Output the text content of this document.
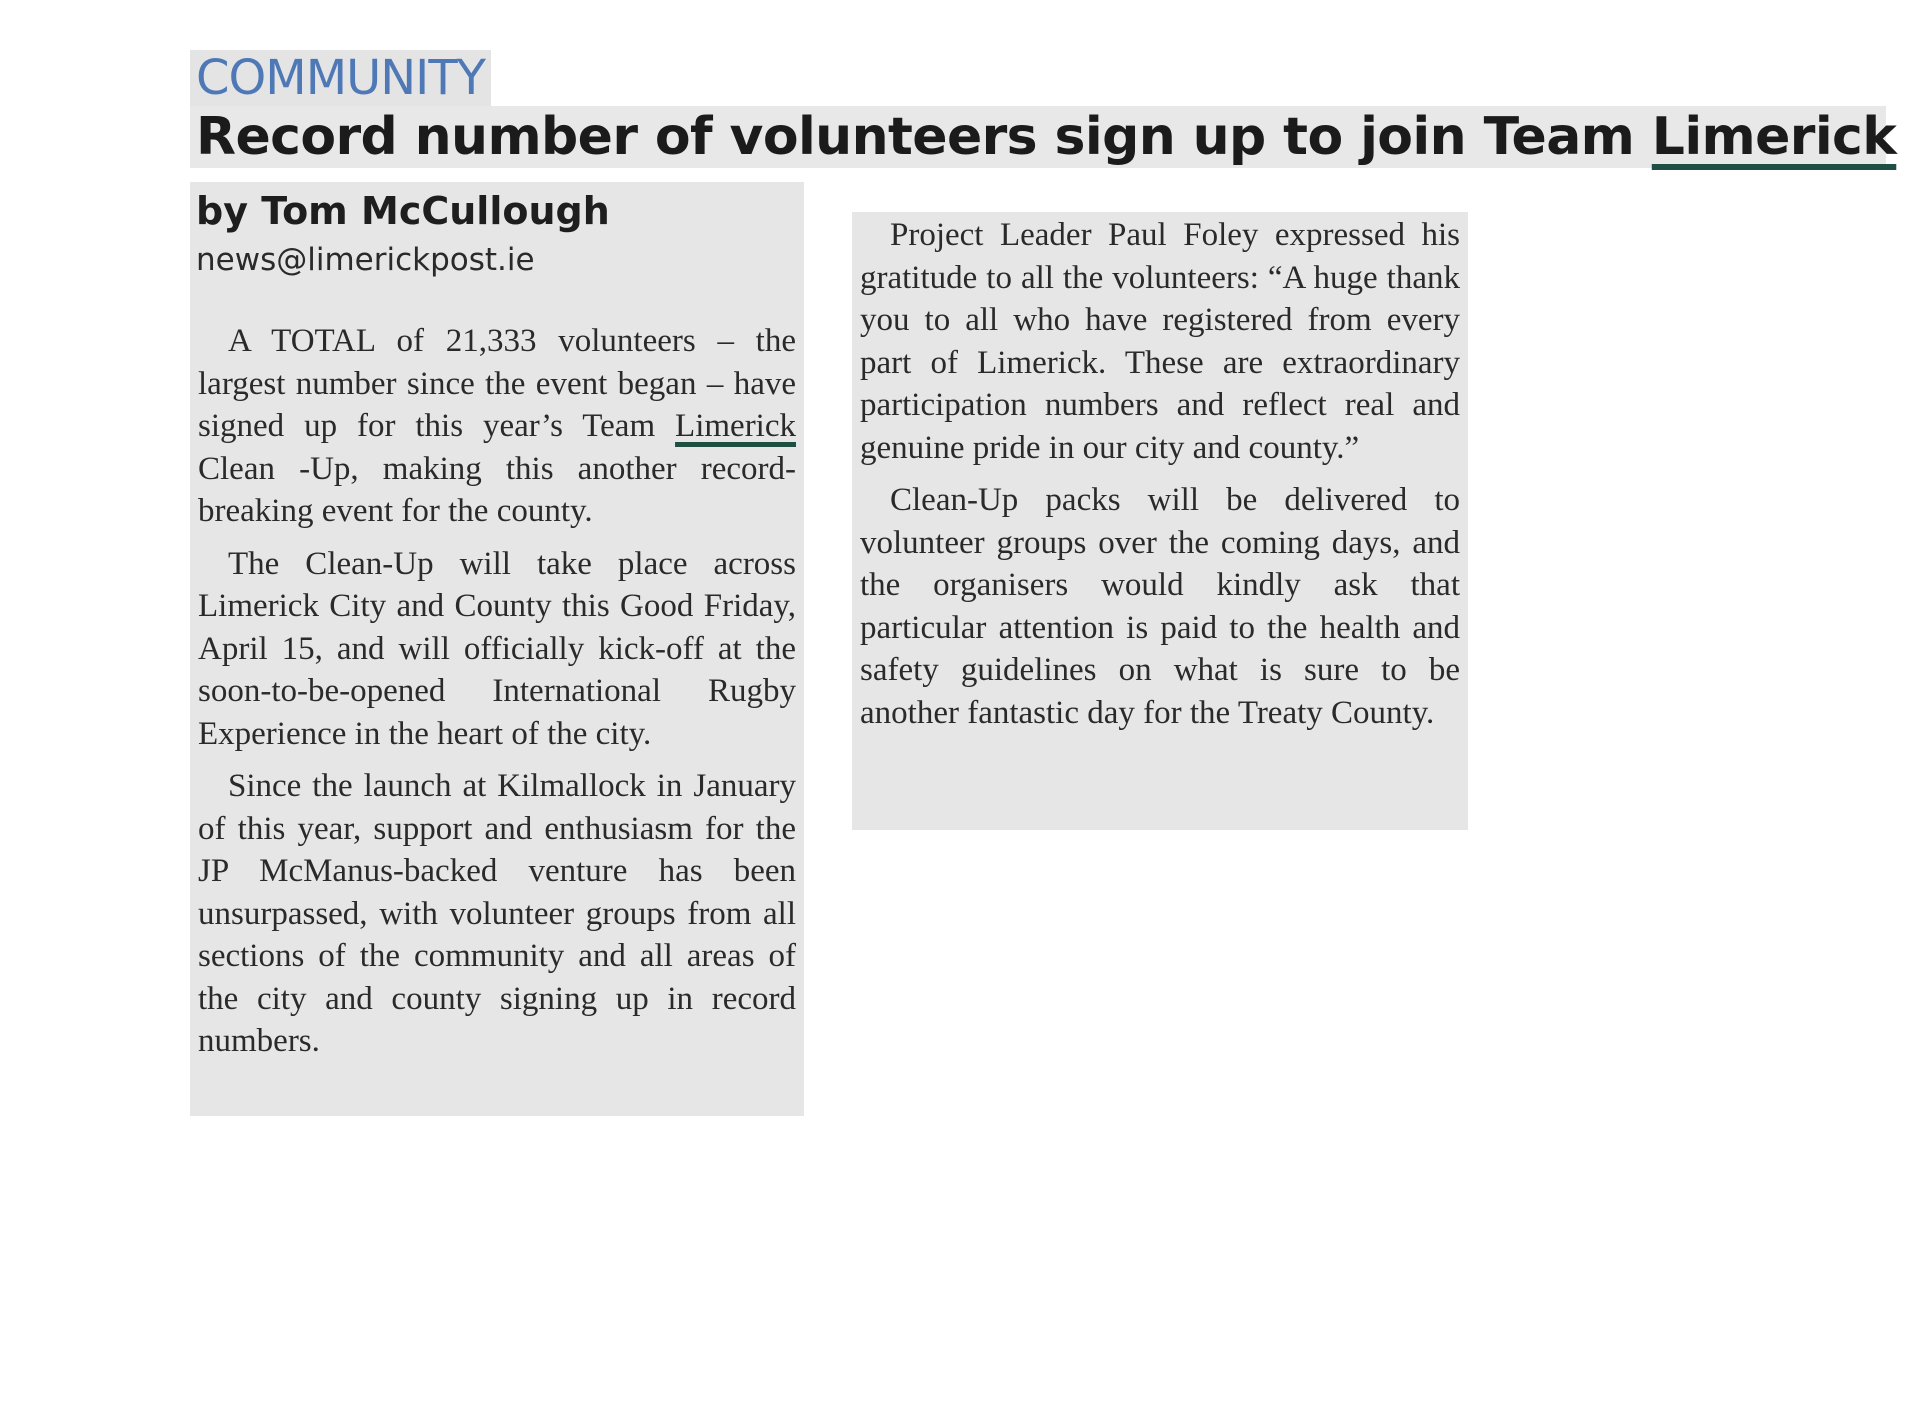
COMMUNITY
Record number of volunteers sign up to join Team Limerick
by Tom McCullough
news@limerickpost.ie

A TOTAL of 21,333 volunteers – the largest number since the event began – have signed up for this year’s Team Limerick Clean -Up, making this another record-breaking event for the county.

The Clean-Up will take place across Limerick City and County this Good Friday, April 15, and will officially kick-off at the soon-to-be-opened International Rugby Experience in the heart of the city.

Since the launch at Kilmallock in January of this year, support and enthusiasm for the JP McManus-backed venture has been unsurpassed, with volunteer groups from all sections of the community and all areas of the city and county signing up in record numbers.

Project Leader Paul Foley expressed his gratitude to all the volunteers: “A huge thank you to all who have registered from every part of Limerick. These are extraordinary participation numbers and reflect real and genuine pride in our city and county.”

Clean-Up packs will be delivered to volunteer groups over the coming days, and the organisers would kindly ask that particular attention is paid to the health and safety guidelines on what is sure to be another fantastic day for the Treaty County.
